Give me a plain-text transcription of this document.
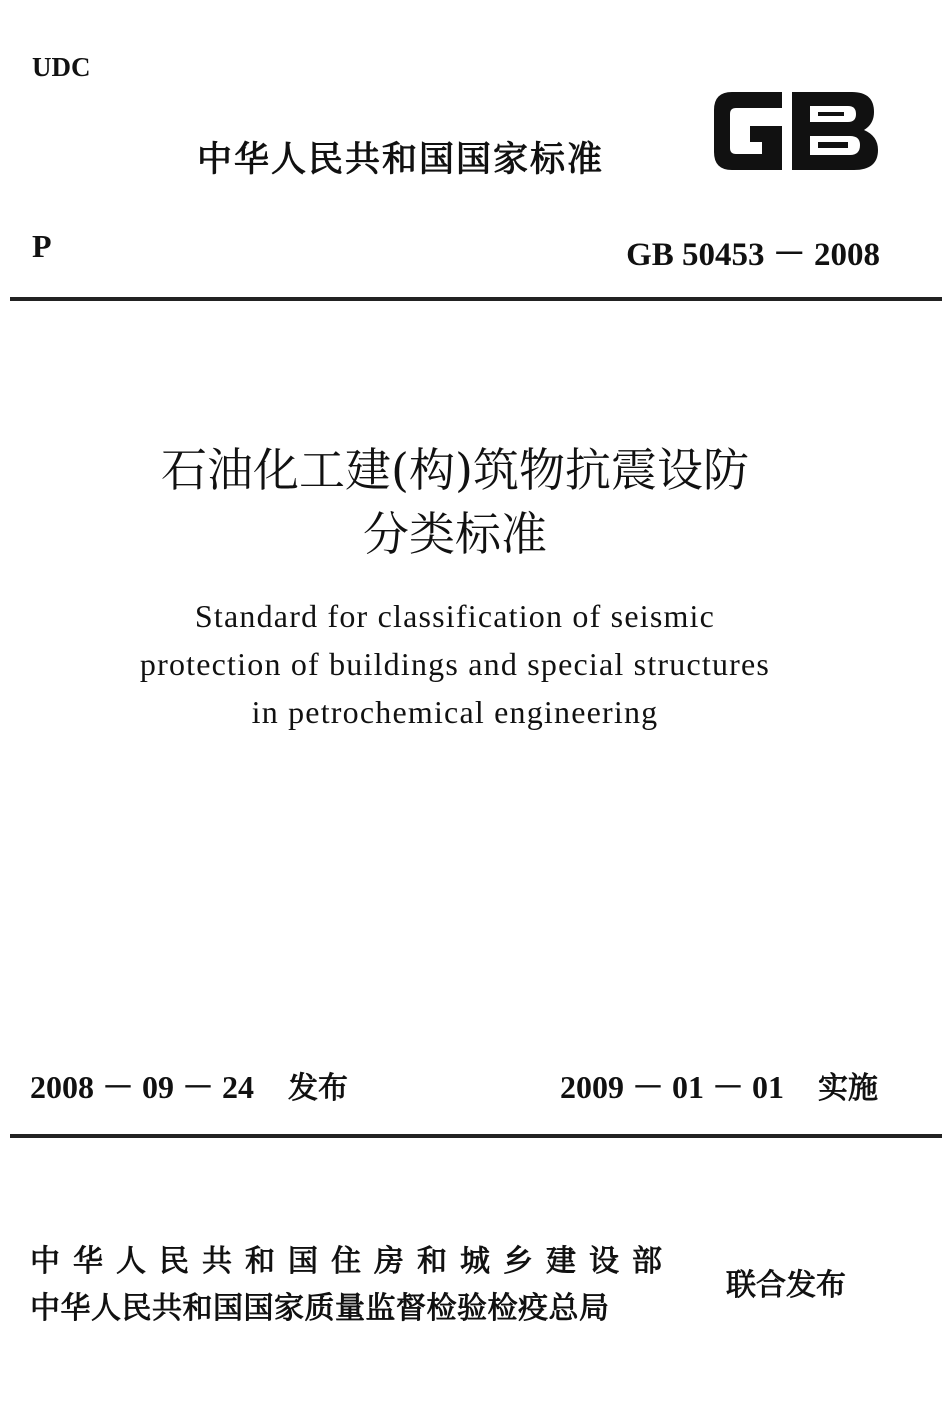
UDC
中华人民共和国国家标准
P	GB 50453 － 2008
石油化工建(构)筑物抗震设防
分类标准
Standard for classification of seismic
protection of buildings and special structures
in petrochemical engineering
2008 － 09 － 24 发布	2009 － 01 － 01 实施
中华人民共和国住房和城乡建设部
中华人民共和国国家质量监督检验检疫总局
联合发布
